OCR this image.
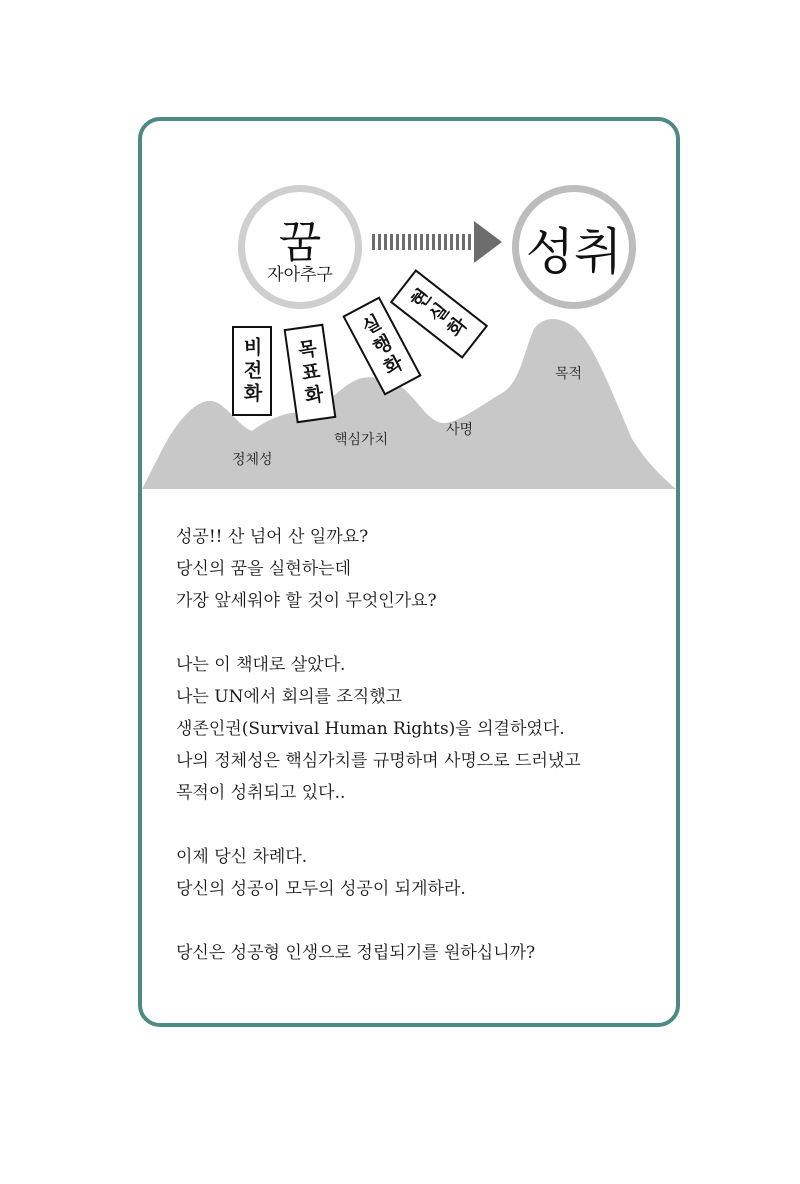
꿈
자아추구	성취
비전화 목표화 실행화
현실화
정체성
핵심가치
사명
목적

성공!! 산 넘어 산 일까요?
당신의 꿈을 실현하는데
가장 앞세워야 할 것이 무엇인가요?

나는 이 책대로 살았다.
나는 UN에서 회의를 조직했고
생존인권(Survival Human Rights)을 의결하였다.
나의 정체성은 핵심가치를 규명하며 사명으로 드러냈고
목적이 성취되고 있다..

이제 당신 차례다.
당신의 성공이 모두의 성공이 되게하라.

당신은 성공형 인생으로 정립되기를 원하십니까?
